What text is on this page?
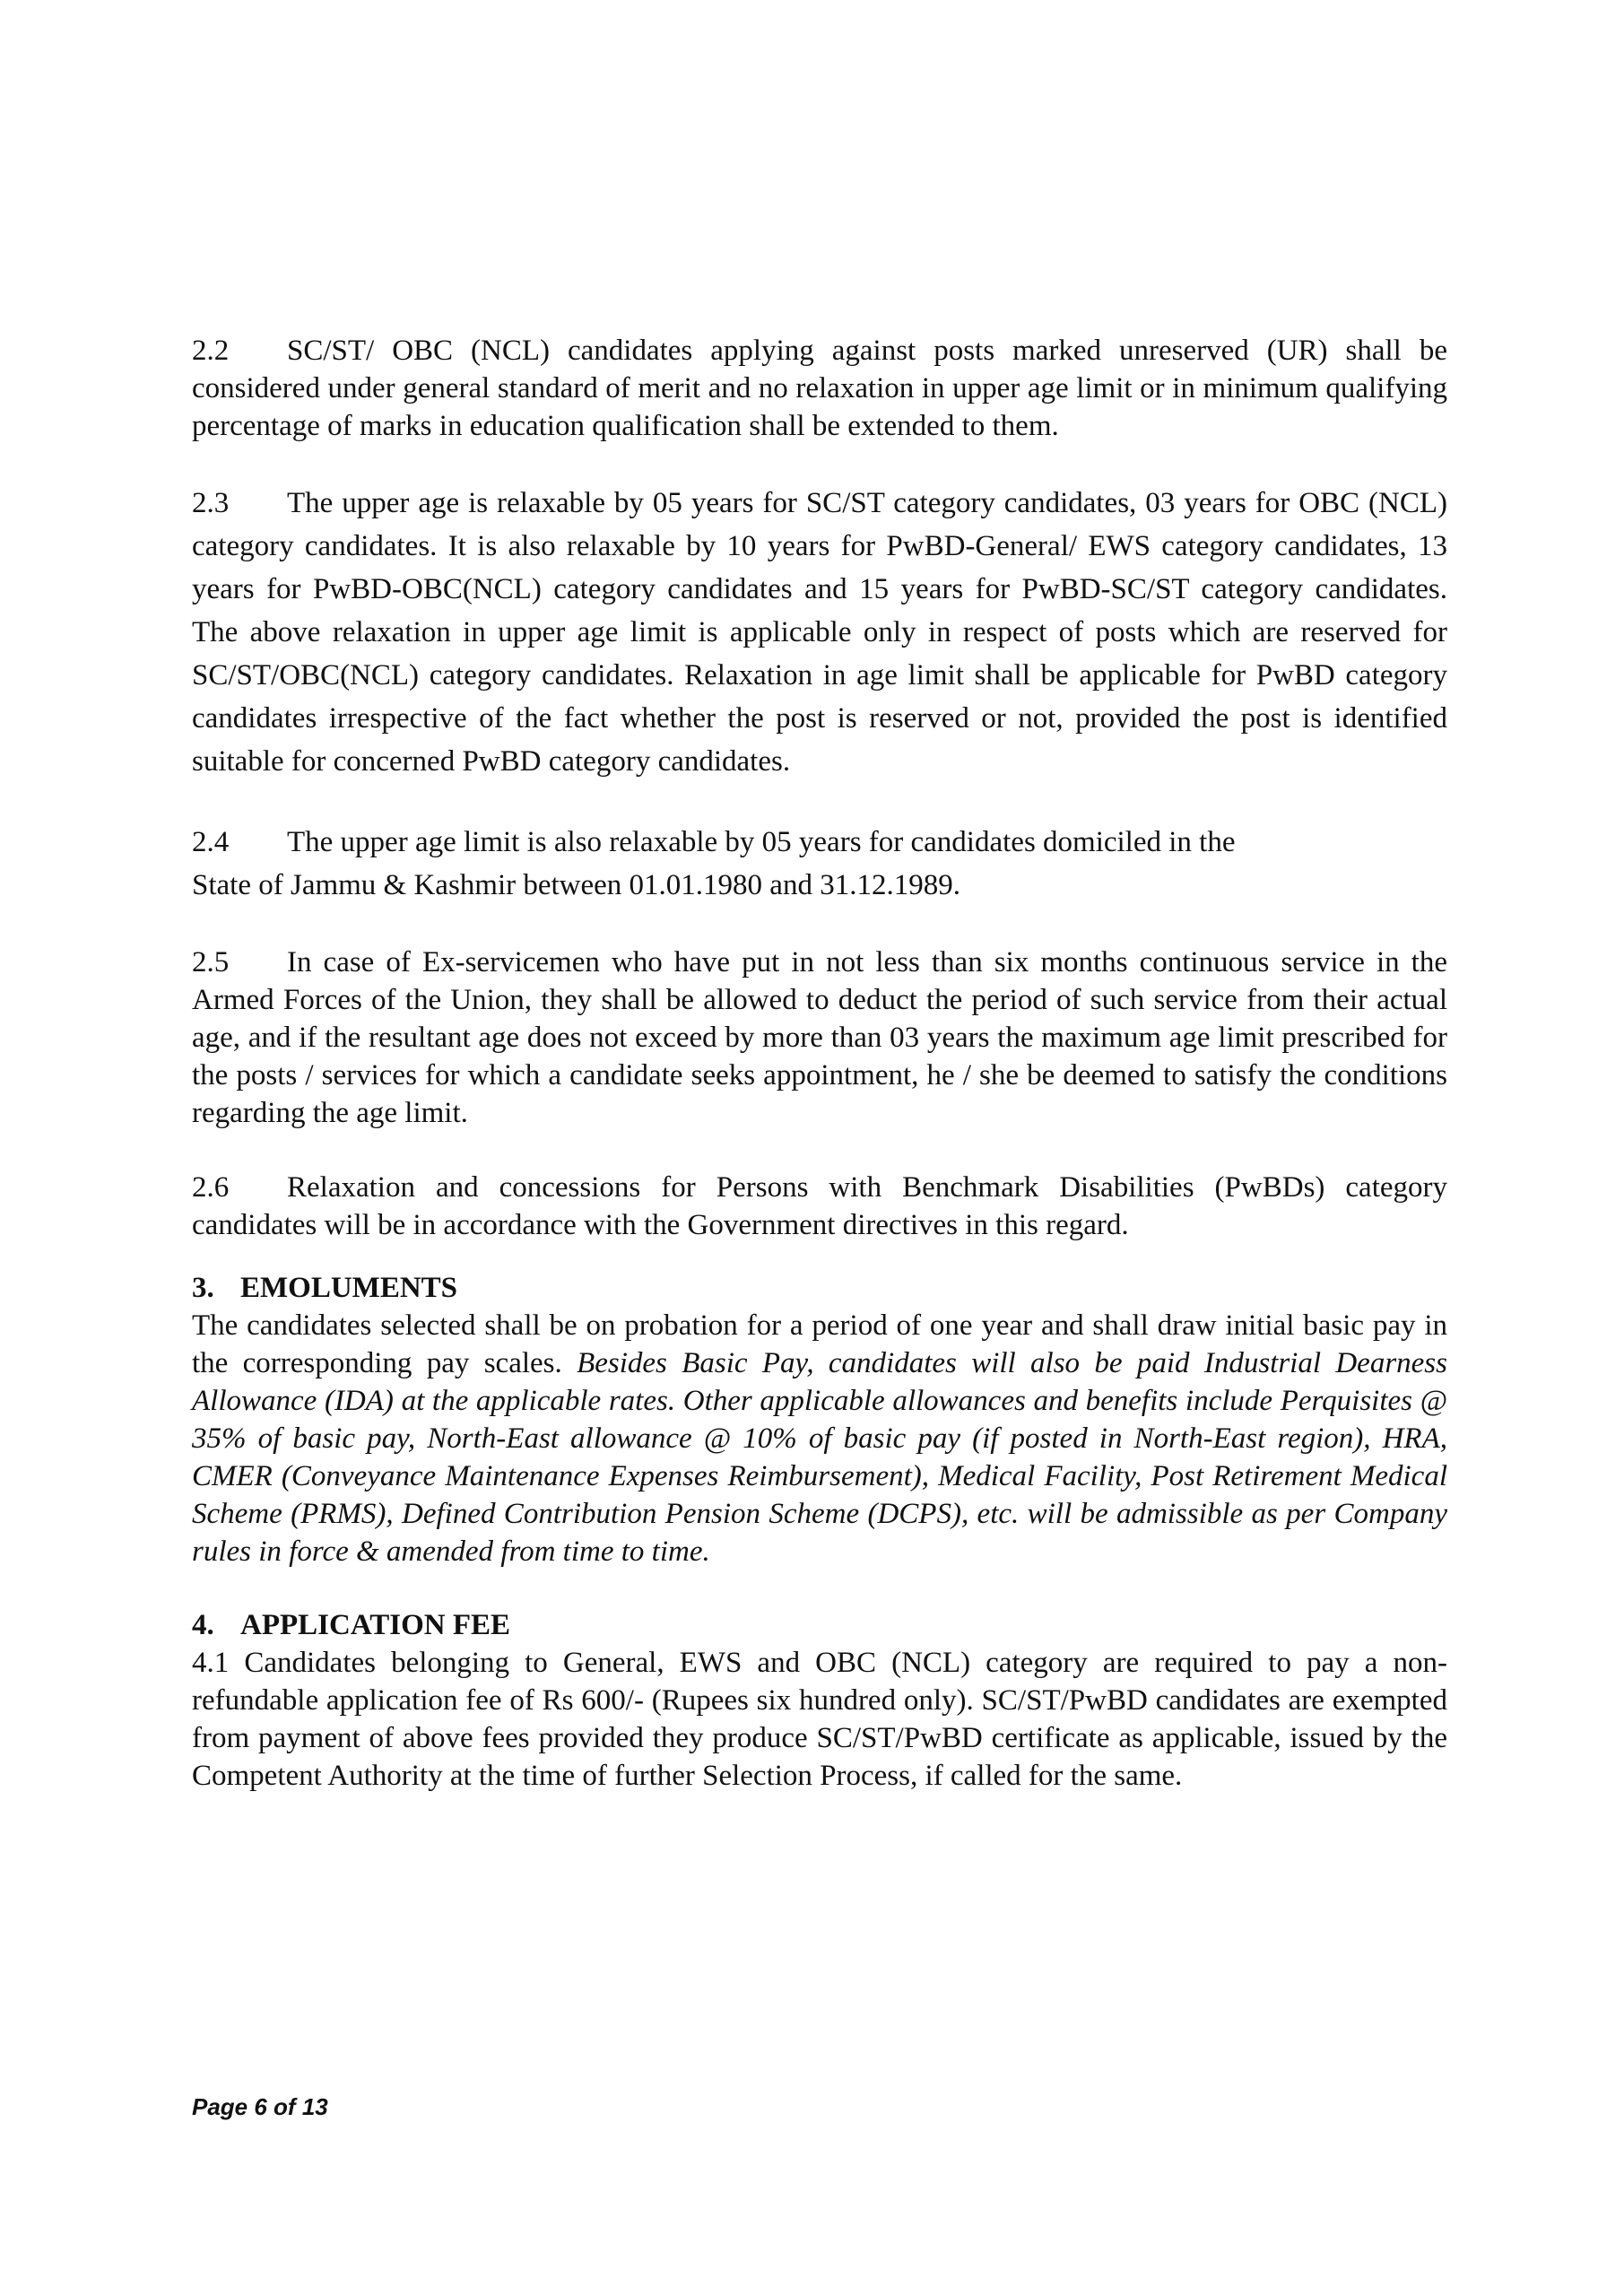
2.2 SC/ST/ OBC (NCL) candidates applying against posts marked unreserved (UR) shall be considered under general standard of merit and no relaxation in upper age limit or in minimum qualifying percentage of marks in education qualification shall be extended to them.

2.3 The upper age is relaxable by 05 years for SC/ST category candidates, 03 years for OBC (NCL) category candidates. It is also relaxable by 10 years for PwBD-General/ EWS category candidates, 13 years for PwBD-OBC(NCL) category candidates and 15 years for PwBD-SC/ST category candidates. The above relaxation in upper age limit is applicable only in respect of posts which are reserved for SC/ST/OBC(NCL) category candidates. Relaxation in age limit shall be applicable for PwBD category candidates irrespective of the fact whether the post is reserved or not, provided the post is identified suitable for concerned PwBD category candidates.

2.4 The upper age limit is also relaxable by 05 years for candidates domiciled in the
State of Jammu & Kashmir between 01.01.1980 and 31.12.1989.

2.5 In case of Ex-servicemen who have put in not less than six months continuous service in the Armed Forces of the Union, they shall be allowed to deduct the period of such service from their actual age, and if the resultant age does not exceed by more than 03 years the maximum age limit prescribed for the posts / services for which a candidate seeks appointment, he / she be deemed to satisfy the conditions regarding the age limit.

2.6 Relaxation and concessions for Persons with Benchmark Disabilities (PwBDs) category candidates will be in accordance with the Government directives in this regard.

3. EMOLUMENTS

The candidates selected shall be on probation for a period of one year and shall draw initial basic pay in the corresponding pay scales. Besides Basic Pay, candidates will also be paid Industrial Dearness Allowance (IDA) at the applicable rates. Other applicable allowances and benefits include Perquisites @ 35% of basic pay, North-East allowance @ 10% of basic pay (if posted in North-East region), HRA, CMER (Conveyance Maintenance Expenses Reimbursement), Medical Facility, Post Retirement Medical Scheme (PRMS), Defined Contribution Pension Scheme (DCPS), etc. will be admissible as per Company rules in force & amended from time to time.

4. APPLICATION FEE

4.1 Candidates belonging to General, EWS and OBC (NCL) category are required to pay a non-refundable application fee of Rs 600/- (Rupees six hundred only). SC/ST/PwBD candidates are exempted from payment of above fees provided they produce SC/ST/PwBD certificate as applicable, issued by the Competent Authority at the time of further Selection Process, if called for the same.

Page 6 of 13
